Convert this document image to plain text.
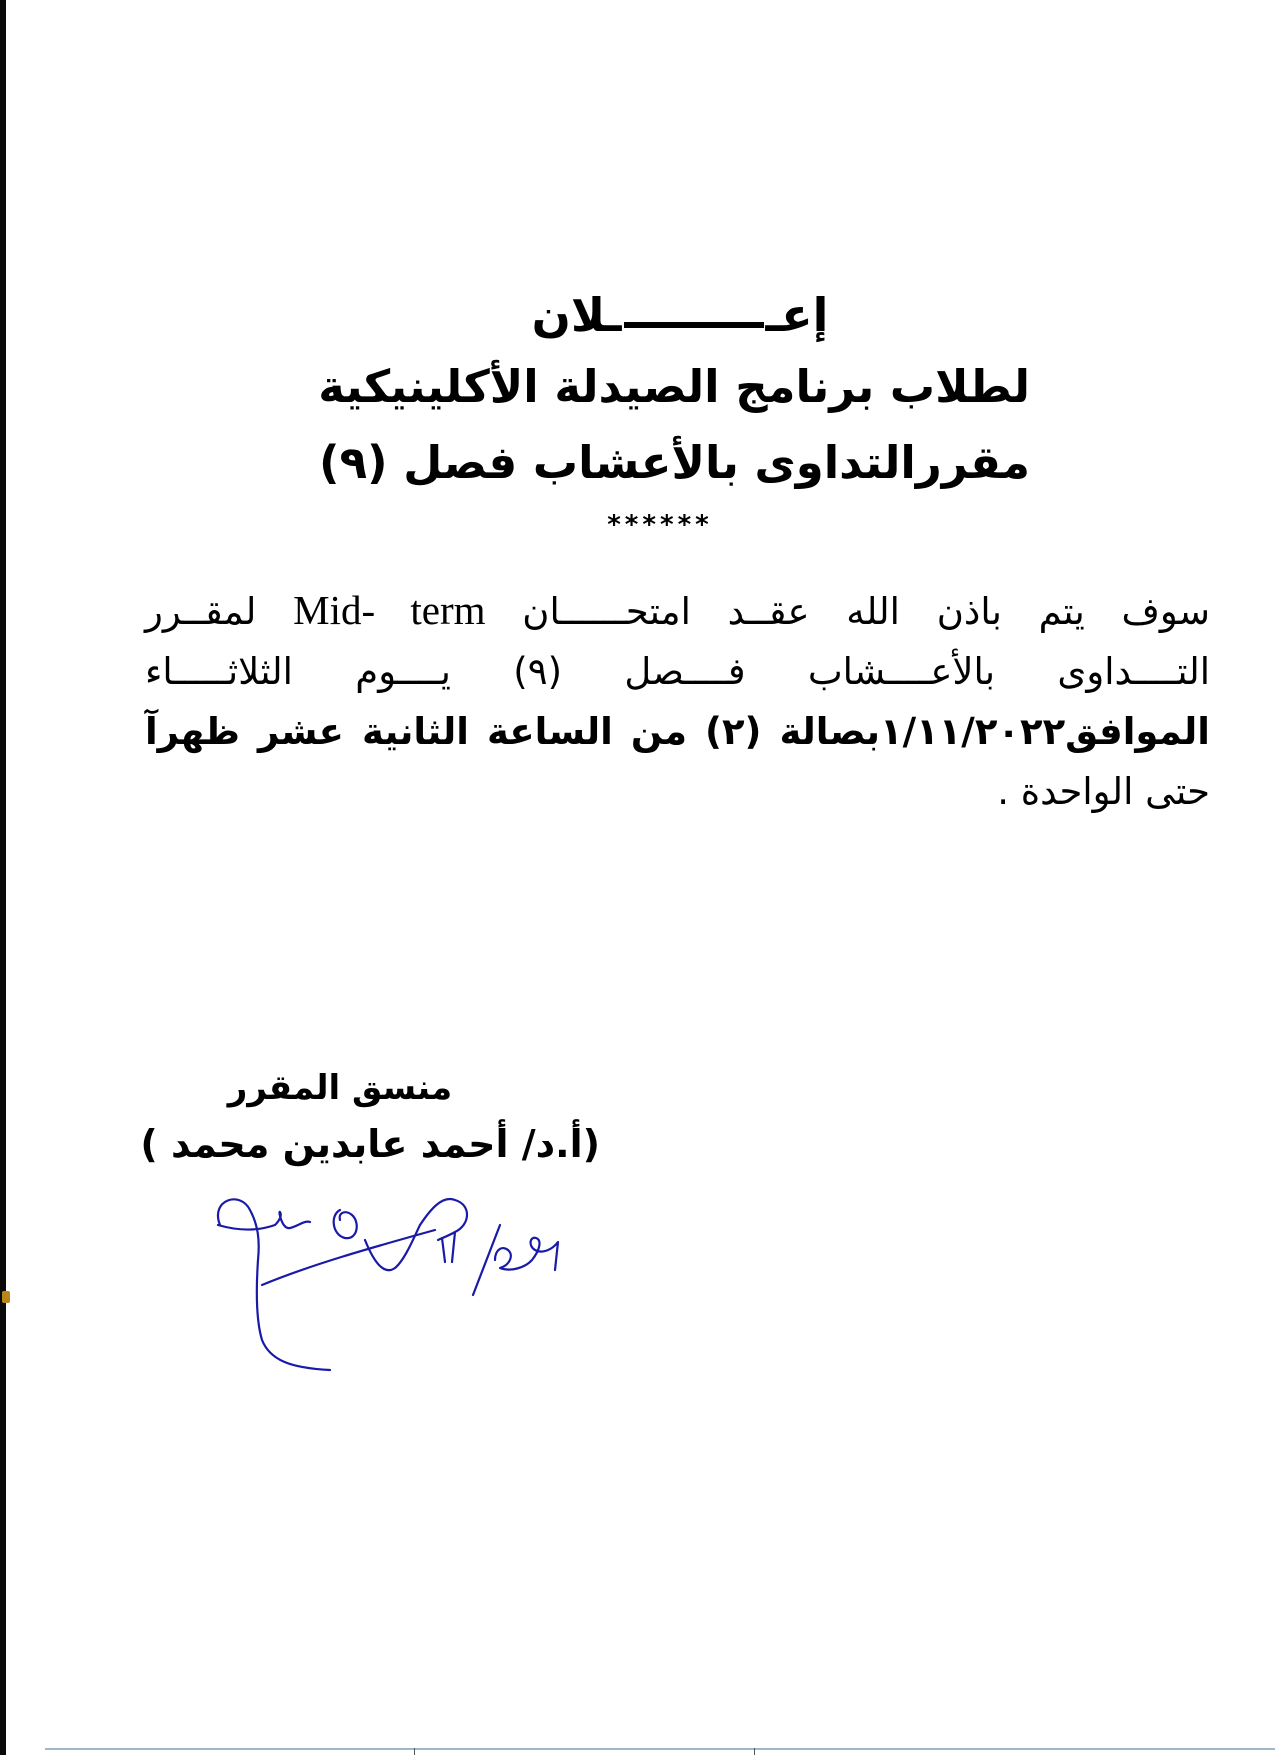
إعــلان
لطلاب برنامج الصيدلة الأكلينيكية
مقررالتداوى بالأعشاب فصل (٩)
******
سوف يتم باذن الله عقــد امتحــــــان Mid- term لمقــرر
التــــداوى بالأعــــشاب فــــصل (٩) يــــوم الثلاثـــــاء
الموافق١/١١/٢٠٢٢بصالة (٢) من الساعة الثانية عشر ظهرآ
حتى الواحدة .
منسق المقرر
(أ.د/ أحمد عابدين محمد )
